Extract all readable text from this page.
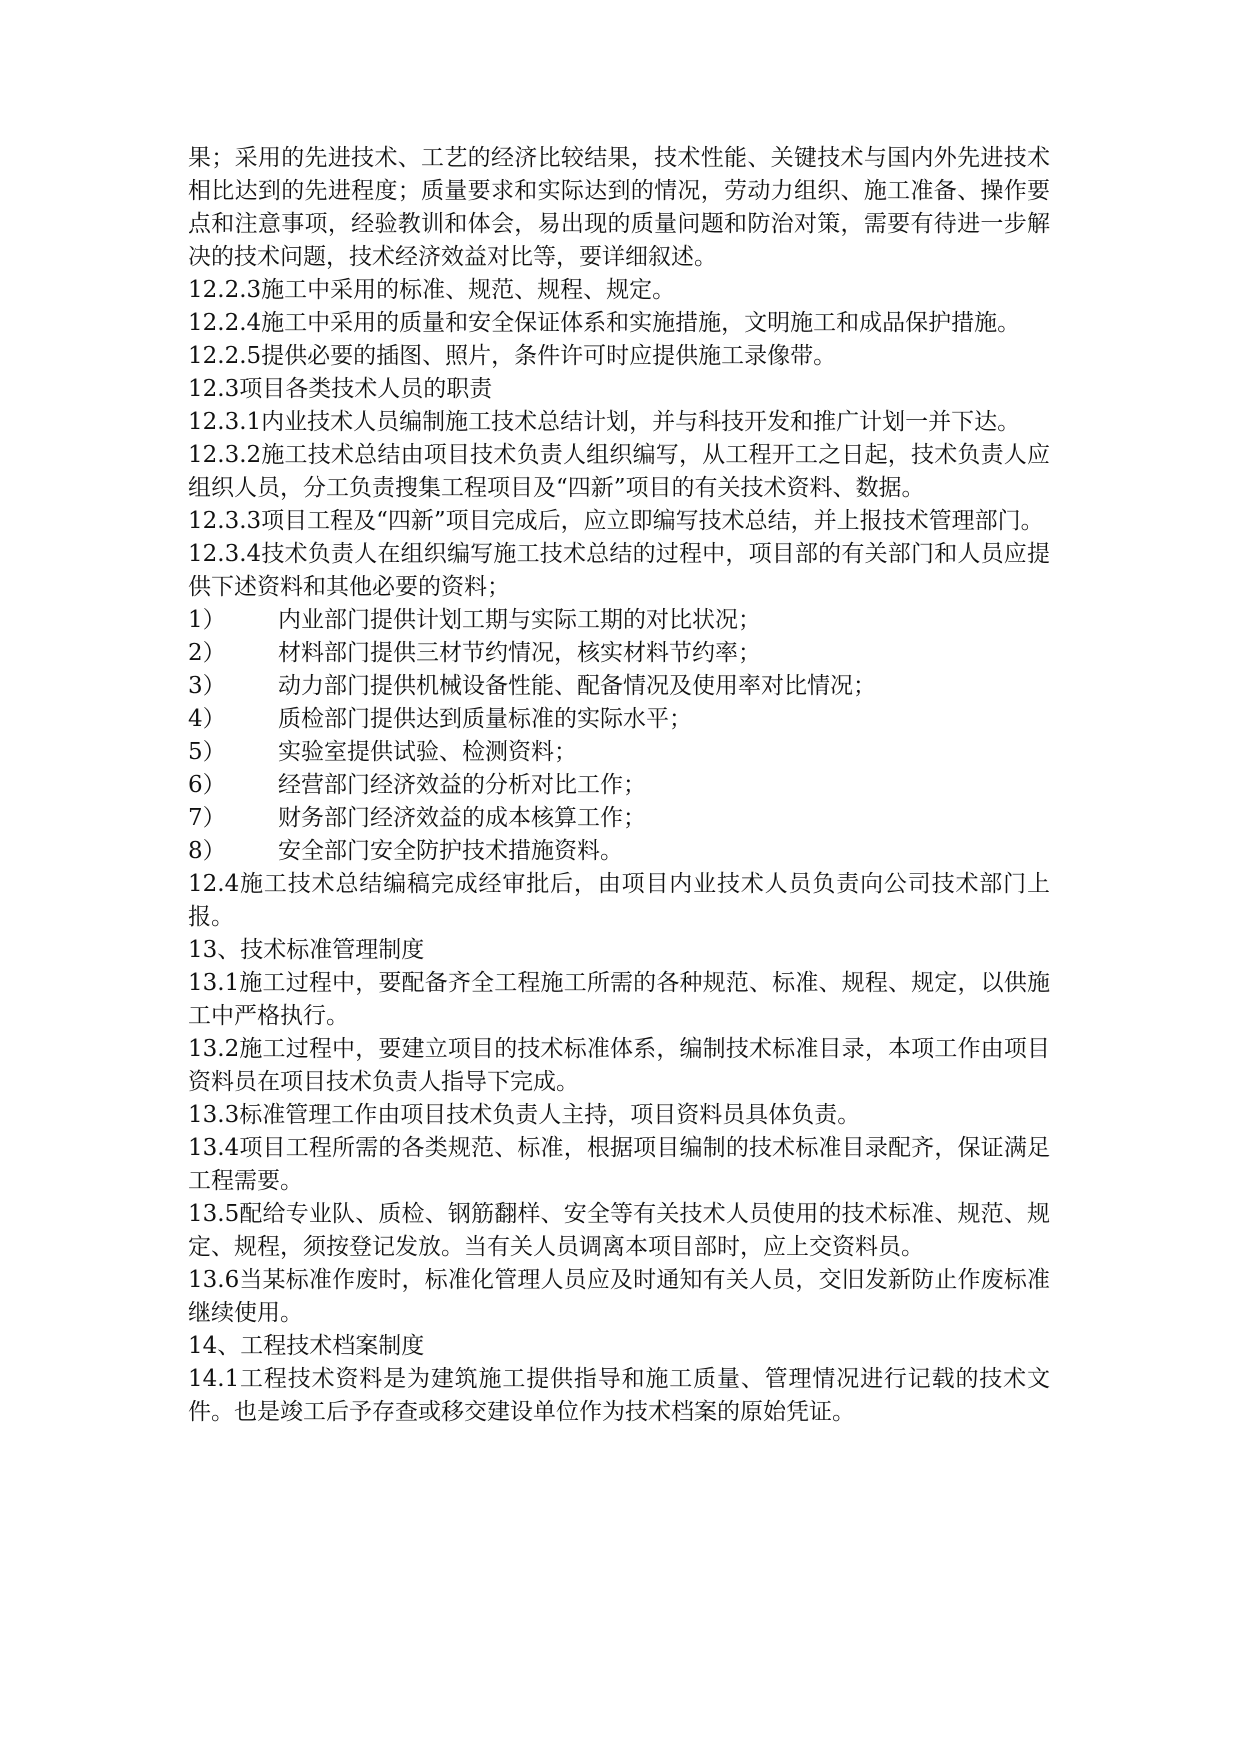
果；采用的先进技术、工艺的经济比较结果，技术性能、关键技术与国内外先进技术相比达到的先进程度；质量要求和实际达到的情况，劳动力组织、施工准备、操作要点和注意事项，经验教训和体会，易出现的质量问题和防治对策，需要有待进一步解决的技术问题，技术经济效益对比等，要详细叙述。

12.2.3施工中采用的标准、规范、规程、规定。

12.2.4施工中采用的质量和安全保证体系和实施措施，文明施工和成品保护措施。

12.2.5提供必要的插图、照片，条件许可时应提供施工录像带。

12.3项目各类技术人员的职责

12.3.1内业技术人员编制施工技术总结计划，并与科技开发和推广计划一并下达。

12.3.2施工技术总结由项目技术负责人组织编写，从工程开工之日起，技术负责人应组织人员，分工负责搜集工程项目及“四新”项目的有关技术资料、数据。

12.3.3项目工程及“四新”项目完成后，应立即编写技术总结，并上报技术管理部门。

12.3.4技术负责人在组织编写施工技术总结的过程中，项目部的有关部门和人员应提供下述资料和其他必要的资料；

1）	内业部门提供计划工期与实际工期的对比状况；
2）	材料部门提供三材节约情况，核实材料节约率；
3）	动力部门提供机械设备性能、配备情况及使用率对比情况；
4）	质检部门提供达到质量标准的实际水平；
5）	实验室提供试验、检测资料；
6）	经营部门经济效益的分析对比工作；
7）	财务部门经济效益的成本核算工作；
8）	安全部门安全防护技术措施资料。

12.4施工技术总结编稿完成经审批后，由项目内业技术人员负责向公司技术部门上报。

13、技术标准管理制度

13.1施工过程中，要配备齐全工程施工所需的各种规范、标准、规程、规定，以供施工中严格执行。

13.2施工过程中，要建立项目的技术标准体系，编制技术标准目录，本项工作由项目资料员在项目技术负责人指导下完成。

13.3标准管理工作由项目技术负责人主持，项目资料员具体负责。

13.4项目工程所需的各类规范、标准，根据项目编制的技术标准目录配齐，保证满足工程需要。

13.5配给专业队、质检、钢筋翻样、安全等有关技术人员使用的技术标准、规范、规定、规程，须按登记发放。当有关人员调离本项目部时，应上交资料员。

13.6当某标准作废时，标准化管理人员应及时通知有关人员，交旧发新防止作废标准继续使用。

14、工程技术档案制度

14.1工程技术资料是为建筑施工提供指导和施工质量、管理情况进行记载的技术文件。也是竣工后予存查或移交建设单位作为技术档案的原始凭证。
